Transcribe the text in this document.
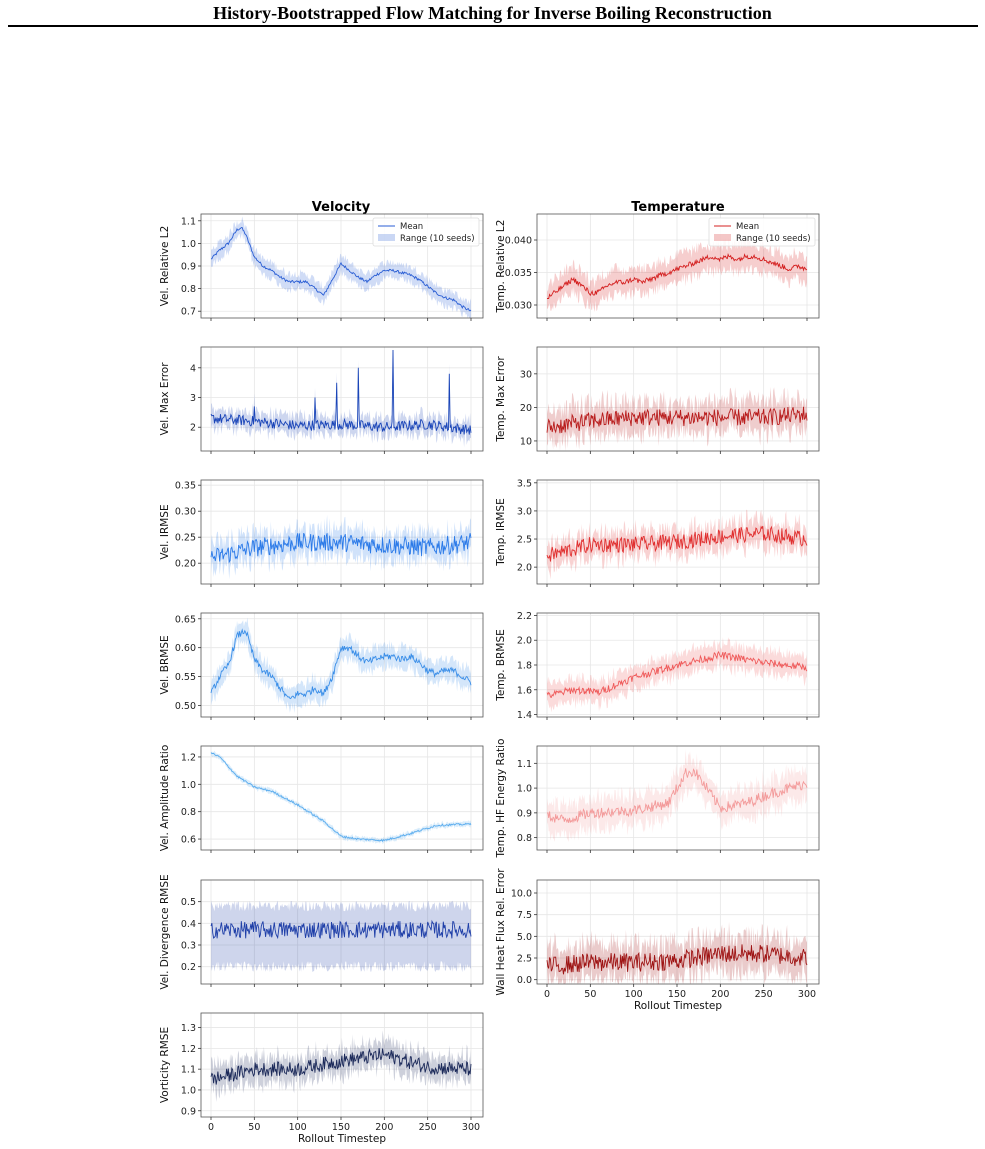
History-Bootstrapped Flow Matching for Inverse Boiling Reconstruction
Velocity	Temperature
0.7
0.8
0.9
1.0
1.1
Vel. Relative L2	Mean
Range (10 seeds)
2
3
4
Vel. Max Error
0.20
0.25
0.30
0.35
Vel. IRMSE
0.50
0.55
0.60
0.65
Vel. BRMSE
0.6
0.8
1.0
1.2
Vel. Amplitude Ratio
0.2
0.3
0.4
0.5
Vel. Divergence RMSE
0.9
1.0
1.1
1.2
1.3
0	50	100	150	200	250	300
Rollout Timestep
Vorticity RMSE
0.030
0.035
0.040
Temp. Relative L2	Mean
Range (10 seeds)
10
20
30
Temp. Max Error
2.0
2.5
3.0
3.5
Temp. IRMSE
1.4
1.6
1.8
2.0
2.2
Temp. BRMSE
0.8
0.9
1.0
1.1
Temp. HF Energy Ratio
0.0
2.5
5.0
7.5
10.0
0	50	100	150	200	250	300
Rollout Timestep
Wall Heat Flux Rel. Error
